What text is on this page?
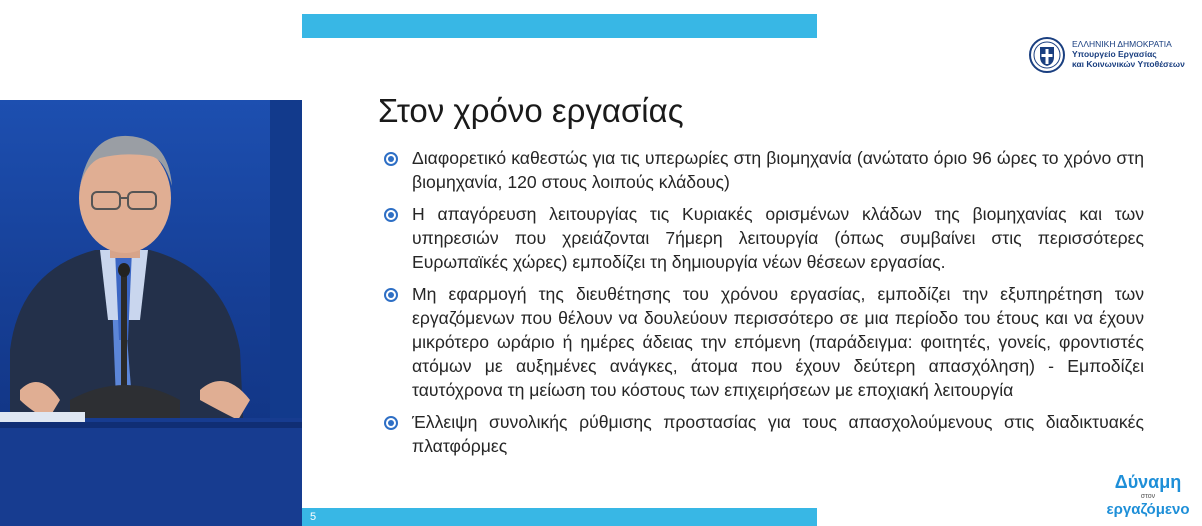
ΕΛΛΗΝΙΚΗ ΔΗΜΟΚΡΑΤΙΑ
Υπουργείο Εργασίας
και Κοινωνικών Υποθέσεων
Στον χρόνο εργασίας
Διαφορετικό καθεστώς για τις υπερωρίες στη βιομηχανία (ανώτατο όριο 96 ώρες το χρόνο στη βιομηχανία, 120 στους λοιπούς κλάδους)
Η απαγόρευση λειτουργίας τις Κυριακές ορισμένων κλάδων της βιομηχανίας και των υπηρεσιών που χρειάζονται 7ήμερη λειτουργία (όπως συμβαίνει στις περισσότερες Ευρωπαϊκές χώρες) εμποδίζει τη δημιουργία νέων θέσεων εργασίας.
Μη εφαρμογή της διευθέτησης του χρόνου εργασίας, εμποδίζει την εξυπηρέτηση των εργαζόμενων που θέλουν να δουλεύουν περισσότερο σε μια περίοδο του έτους και να έχουν μικρότερο ωράριο ή ημέρες άδειας την επόμενη (παράδειγμα: φοιτητές, γονείς, φροντιστές ατόμων με αυξημένες ανάγκες, άτομα που έχουν δεύτερη απασχόληση) - Εμποδίζει ταυτόχρονα τη μείωση του κόστους των επιχειρήσεων με εποχιακή λειτουργία
Έλλειψη συνολικής ρύθμισης προστασίας για τους απασχολούμενους στις διαδικτυακές πλατφόρμες
Δύναμη
στον
εργαζόμενο
5
